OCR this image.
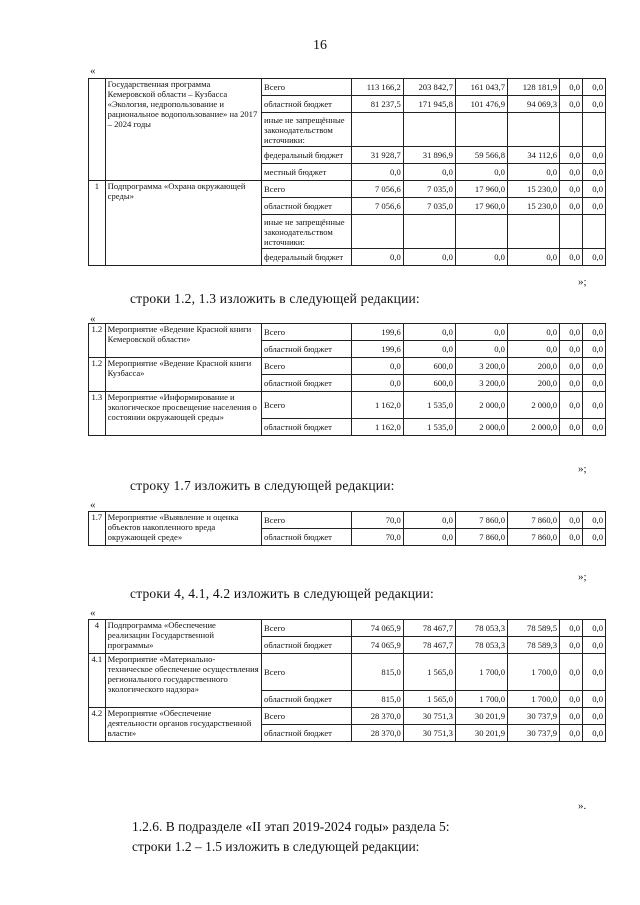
16
«
	Государственная программа Кемеровской области – Кузбасса «Экология, недропользование и рациональное водопользование» на 2017 – 2024 годы	Всего	113 166,2	203 842,7	161 043,7	128 181,9	0,0	0,0
		областной бюджет	81 237,5	171 945,8	101 476,9	94 069,3	0,0	0,0
		иные не запрещённые законодательством источники:						
		федеральный бюджет	31 928,7	31 896,9	59 566,8	34 112,6	0,0	0,0
		местный бюджет	0,0	0,0	0,0	0,0	0,0	0,0
1	Подпрограмма «Охрана окружающей среды»	Всего	7 056,6	7 035,0	17 960,0	15 230,0	0,0	0,0
		областной бюджет	7 056,6	7 035,0	17 960,0	15 230,0	0,0	0,0
		иные не запрещённые законодательством источники:						
		федеральный бюджет	0,0	0,0	0,0	0,0	0,0	0,0
»;
строки 1.2, 1.3 изложить в следующей редакции:
«
1.2	Мероприятие «Ведение Красной книги Кемеровской области»	Всего	199,6	0,0	0,0	0,0	0,0	0,0
		областной бюджет	199,6	0,0	0,0	0,0	0,0	0,0
1.2	Мероприятие «Ведение Красной книги Кузбасса»	Всего	0,0	600,0	3 200,0	200,0	0,0	0,0
		областной бюджет	0,0	600,0	3 200,0	200,0	0,0	0,0
1.3	Мероприятие «Информирование и экологическое просвещение населения о состоянии окружающей среды»	Всего	1 162,0	1 535,0	2 000,0	2 000,0	0,0	0,0
		областной бюджет	1 162,0	1 535,0	2 000,0	2 000,0	0,0	0,0
»;
строку 1.7 изложить в следующей редакции:
«
1.7	Мероприятие «Выявление и оценка объектов накопленного вреда окружающей среде»	Всего	70,0	0,0	7 860,0	7 860,0	0,0	0,0
		областной бюджет	70,0	0,0	7 860,0	7 860,0	0,0	0,0
»;
строки 4, 4.1, 4.2 изложить в следующей редакции:
«
4	Подпрограмма «Обеспечение реализации Государственной программы»	Всего	74 065,9	78 467,7	78 053,3	78 589,5	0,0	0,0
		областной бюджет	74 065,9	78 467,7	78 053,3	78 589,3	0,0	0,0
4.1	Мероприятие «Материально-техническое обеспечение осуществления регионального государственного экологического надзора»	Всего	815,0	1 565,0	1 700,0	1 700,0	0,0	0,0
		областной бюджет	815,0	1 565,0	1 700,0	1 700,0	0,0	0,0
4.2	Мероприятие «Обеспечение деятельности органов государственной власти»	Всего	28 370,0	30 751,3	30 201,9	30 737,9	0,0	0,0
		областной бюджет	28 370,0	30 751,3	30 201,9	30 737,9	0,0	0,0
».
1.2.6. В подразделе «II этап 2019-2024 годы» раздела 5:
строки 1.2 – 1.5 изложить в следующей редакции:
